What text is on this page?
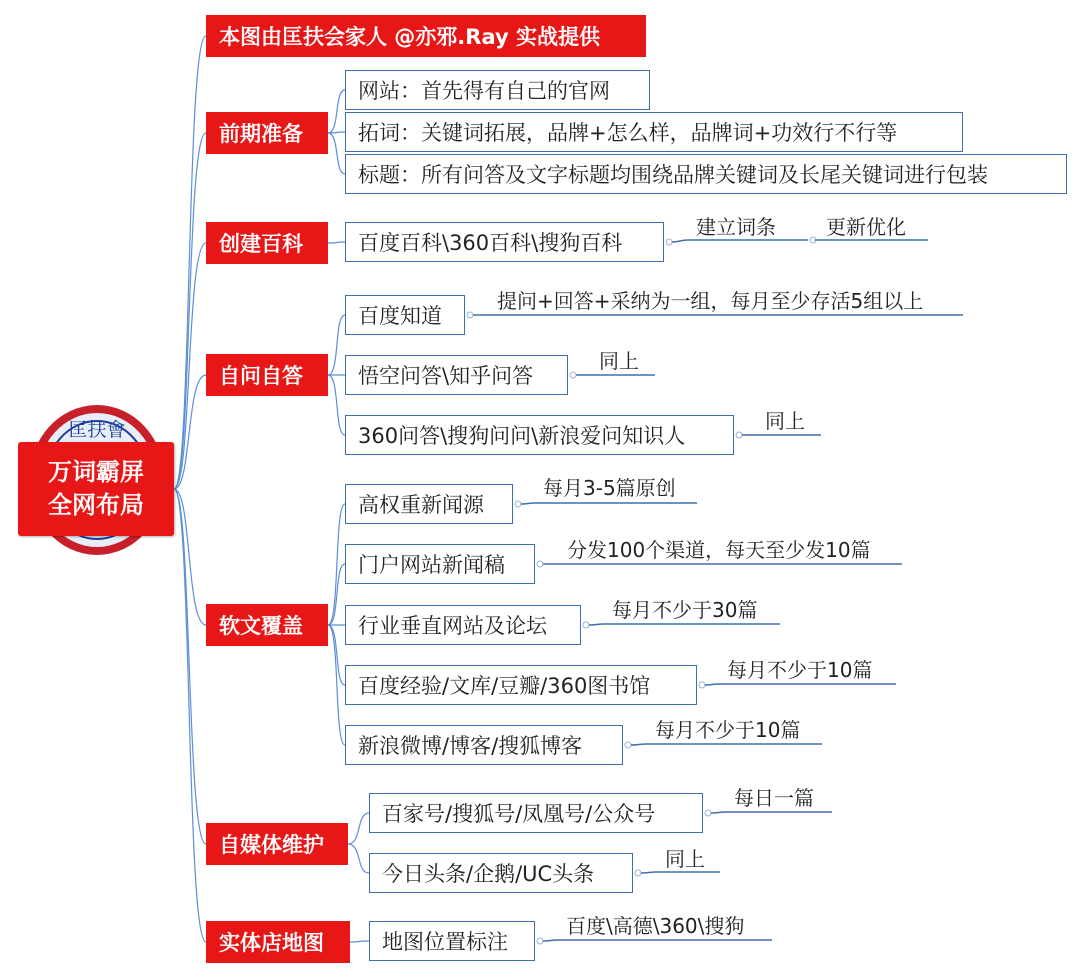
匡扶會
万词霸屏
全网布局
本图由匡扶会家人 @亦邪.Ray 实战提供
前期准备
网站：首先得有自己的官网
拓词：关键词拓展，品牌+怎么样，品牌词+功效行不行等
标题：所有问答及文字标题均围绕品牌关键词及长尾关键词进行包装
创建百科	百度百科\360百科\搜狗百科
建立词条	更新优化
自问自答
百度知道
提问+回答+采纳为一组，每月至少存活5组以上
悟空问答\知乎问答
同上
360问答\搜狗问问\新浪爱问知识人
同上
软文覆盖
高权重新闻源
每月3-5篇原创
门户网站新闻稿
分发100个渠道，每天至少发10篇
行业垂直网站及论坛
每月不少于30篇
百度经验/文库/豆瓣/360图书馆
每月不少于10篇
新浪微博/博客/搜狐博客
每月不少于10篇
自媒体维护
百家号/搜狐号/凤凰号/公众号
每日一篇
今日头条/企鹅/UC头条
同上
实体店地图	地图位置标注
百度\高德\360\搜狗
